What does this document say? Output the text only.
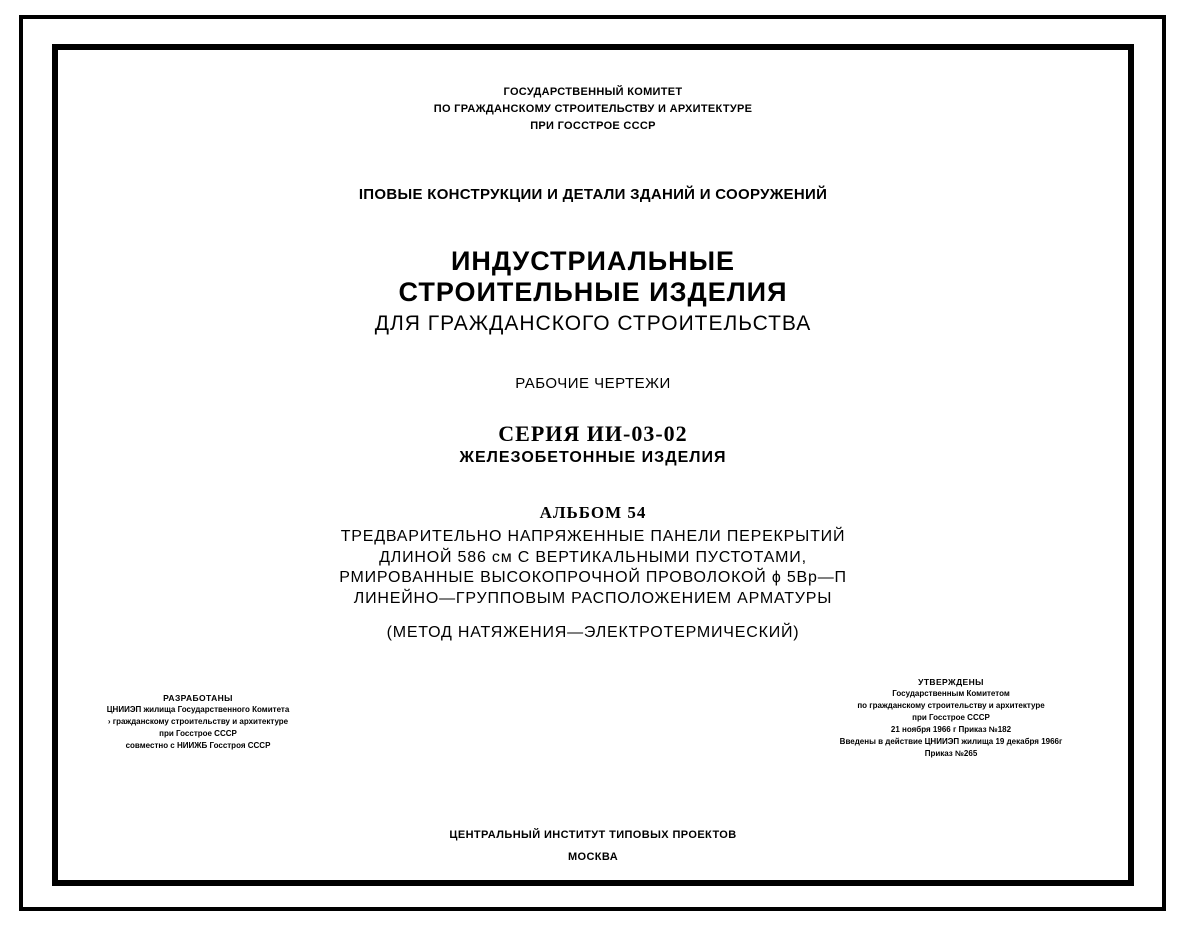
ГОСУДАРСТВЕННЫЙ КОМИТЕТ
ПО ГРАЖДАНСКОМУ СТРОИТЕЛЬСТВУ И АРХИТЕКТУРЕ
ПРИ ГОССТРОЕ СССР
ІПОВЫЕ КОНСТРУКЦИИ И ДЕТАЛИ ЗДАНИЙ И СООРУЖЕНИЙ
ИНДУСТРИАЛЬНЫЕ
СТРОИТЕЛЬНЫЕ ИЗДЕЛИЯ
ДЛЯ ГРАЖДАНСКОГО СТРОИТЕЛЬСТВА
РАБОЧИЕ ЧЕРТЕЖИ
СЕРИЯ ИИ-03-02
ЖЕЛЕЗОБЕТОННЫЕ ИЗДЕЛИЯ
АЛЬБОМ 54
ТРЕДВАРИТЕЛЬНО НАПРЯЖЕННЫЕ ПАНЕЛИ ПЕРЕКРЫТИЙ
ДЛИНОЙ 586 см С ВЕРТИКАЛЬНЫМИ ПУСТОТАМИ,
РМИРОВАННЫЕ ВЫСОКОПРОЧНОЙ ПРОВОЛОКОЙ ϕ 5Вр—П
ЛИНЕЙНО—ГРУППОВЫМ РАСПОЛОЖЕНИЕМ АРМАТУРЫ
(МЕТОД НАТЯЖЕНИЯ—ЭЛЕКТРОТЕРМИЧЕСКИЙ)
РАЗРАБОТАНЫ
ЦНИИЭП жилища Государственного Комитета
› гражданскому строительству и архитектуре
при Госстрое СССР
совместно с НИИЖБ Госстроя СССР
УТВЕРЖДЕНЫ
Государственным Комитетом
по гражданскому строительству и архитектуре
при Госстрое СССР
21 ноября 1966 г Приказ №182
Введены в действие ЦНИИЭП жилища 19 декабря 1966г
Приказ №265
ЦЕНТРАЛЬНЫЙ ИНСТИТУТ ТИПОВЫХ ПРОЕКТОВ
МОСКВА
